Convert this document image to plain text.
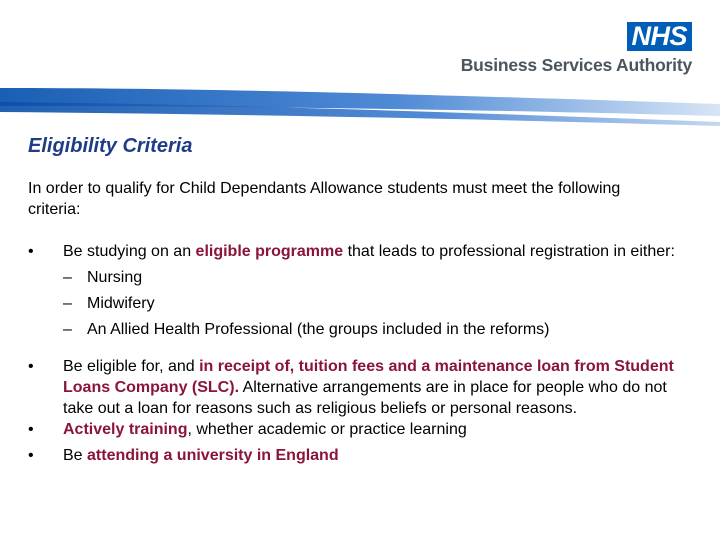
NHS
Business Services Authority
Eligibility Criteria

In order to qualify for Child Dependants Allowance students must meet the following criteria:

•	Be studying on an eligible programme that leads to professional registration in either:
– Nursing
– Midwifery
– An Allied Health Professional (the groups included in the reforms)
•	Be eligible for, and in receipt of, tuition fees and a maintenance loan from Student Loans Company (SLC). Alternative arrangements are in place for people who do not take out a loan for reasons such as religious beliefs or personal reasons.
•	Actively training, whether academic or practice learning
•	Be attending a university in England
